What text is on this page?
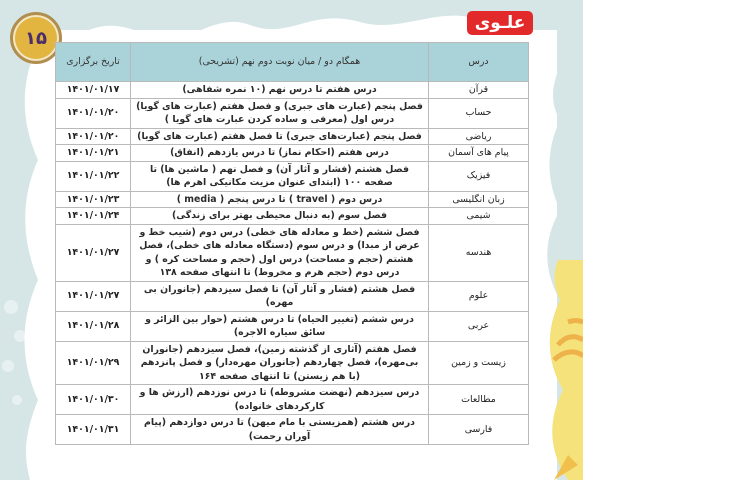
۱۵
علـوی
درس	همگام دو / میان نوبت دوم نهم (تشریحی)	تاریخ برگزاری
قرآن	درس هفتم تا درس نهم (۱۰ نمره شفاهی)	۱۴۰۱/۰۱/۱۷
حساب	فصل پنجم (عبارت های جبری) و فصل هفتم (عبارت های گویا) درس اول (معرفی و ساده کردن عبارت های گویا )	۱۴۰۱/۰۱/۲۰
ریاضی	فصل پنجم (عبارت‌های جبری) تا فصل هفتم (عبارت های گویا)	۱۴۰۱/۰۱/۲۰
پیام های آسمان	درس هفتم (احکام نماز) تا درس یازدهم (انفاق)	۱۴۰۱/۰۱/۲۱
فیزیک	فصل هشتم (فشار و آثار آن) و فصل نهم ( ماشین ها) تا صفحه ۱۰۰ (ابتدای عنوان مزیت مکانیکی اهرم ها)	۱۴۰۱/۰۱/۲۲
زبان انگلیسی	درس دوم ( travel ) تا درس پنجم ( media )	۱۴۰۱/۰۱/۲۳
شیمی	فصل سوم (به دنبال محیطی بهتر برای زندگی)	۱۴۰۱/۰۱/۲۴
هندسه	فصل ششم (خط و معادله های خطی) درس دوم (شیب خط و عرض از مبدا) و درس سوم (دستگاه معادله های خطی)، فصل هشتم (حجم و مساحت) درس اول (حجم و مساحت کره ) و درس دوم (حجم هرم و مخروط) تا انتهای صفحه ۱۳۸	۱۴۰۱/۰۱/۲۷
علوم	فصل هشتم (فشار و آثار آن) تا فصل سیزدهم (جانوران بی مهره)	۱۴۰۱/۰۱/۲۷
عربی	درس ششم (تغییر الحیاه) تا درس هشتم (حوار بین الزائر و سائق سیاره الاجره)	۱۴۰۱/۰۱/۲۸
زیست و زمین	فصل هفتم (آثاری از گذشته زمین)، فصل سیزدهم (جانوران بی‌مهره)، فصل چهاردهم (جانوران مهره‌دار) و فصل پانزدهم (با هم زیستن) تا انتهای صفحه ۱۶۴	۱۴۰۱/۰۱/۲۹
مطالعات	درس سیزدهم (نهضت مشروطه) تا درس نوزدهم (ارزش ها و کارکردهای خانواده)	۱۴۰۱/۰۱/۳۰
فارسی	درس هشتم (همزیستی با مام میهن) تا درس دوازدهم (پیام آوران رحمت)	۱۴۰۱/۰۱/۳۱
